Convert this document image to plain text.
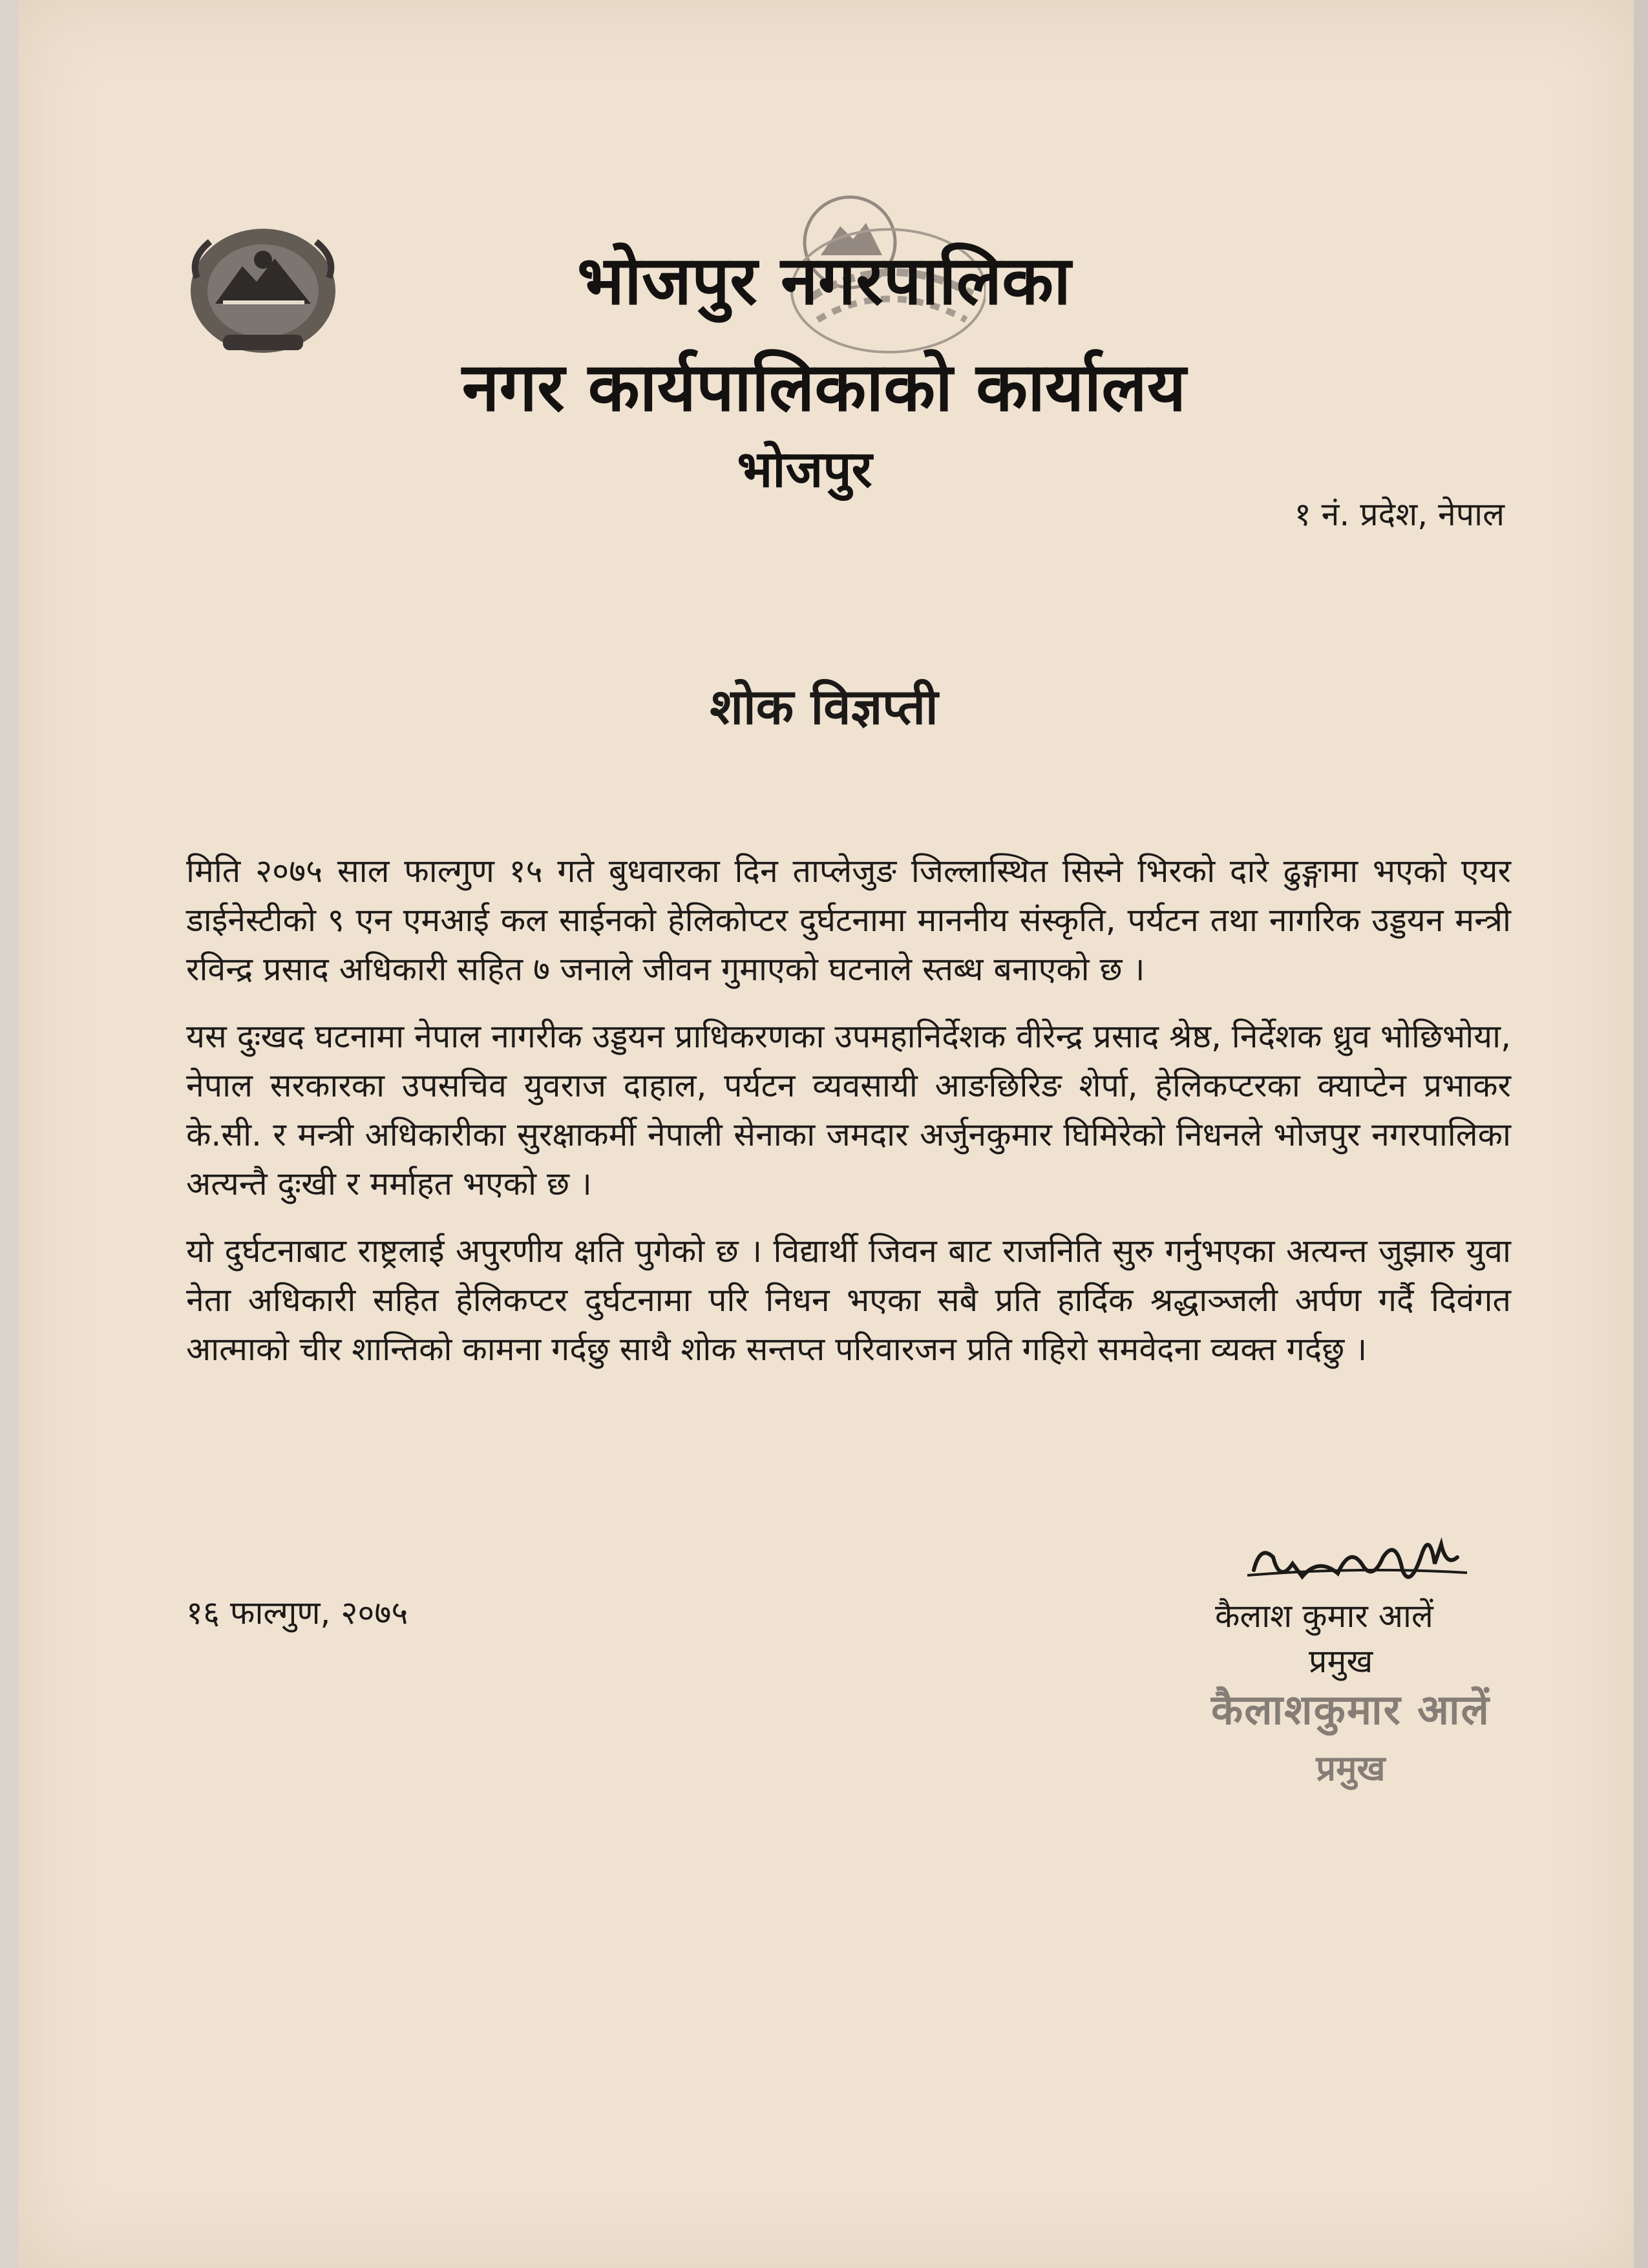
भोजपुर नगरपालिका
नगर कार्यपालिकाको कार्यालय
भोजपुर
१ नं. प्रदेश, नेपाल
शोक विज्ञप्ती

मिति २०७५ साल फाल्गुण १५ गते बुधवारका दिन ताप्लेजुङ जिल्लास्थित सिस्ने भिरको दारे ढुङ्गामा भएको एयर डाईनेस्टीको ९ एन एमआई कल साईनको हेलिकोप्टर दुर्घटनामा माननीय संस्कृति, पर्यटन तथा नागरिक उड्डयन मन्त्री रविन्द्र प्रसाद अधिकारी सहित ७ जनाले जीवन गुमाएको घटनाले स्तब्ध बनाएको छ ।

यस दुःखद घटनामा नेपाल नागरीक उड्डयन प्राधिकरणका उपमहानिर्देशक वीरेन्द्र प्रसाद श्रेष्ठ, निर्देशक ध्रुव भोछिभोया, नेपाल सरकारका उपसचिव युवराज दाहाल, पर्यटन व्यवसायी आङछिरिङ शेर्पा, हेलिकप्टरका क्याप्टेन प्रभाकर के.सी. र मन्त्री अधिकारीका सुरक्षाकर्मी नेपाली सेनाका जमदार अर्जुनकुमार घिमिरेको निधनले भोजपुर नगरपालिका अत्यन्तै दुःखी र मर्माहत भएको छ ।

यो दुर्घटनाबाट राष्ट्रलाई अपुरणीय क्षति पुगेको छ । विद्यार्थी जिवन बाट राजनिति सुरु गर्नुभएका अत्यन्त जुझारु युवा नेता अधिकारी सहित हेलिकप्टर दुर्घटनामा परि निधन भएका सबै प्रति हार्दिक श्रद्धाञ्जली अर्पण गर्दै दिवंगत आत्माको चीर शान्तिको कामना गर्दछु साथै शोक सन्तप्त परिवारजन प्रति गहिरो समवेदना व्यक्त गर्दछु ।

१६ फाल्गुण, २०७५	कैलाश कुमार आलें
प्रमुख
कैलाशकुमार आलें
प्रमुख
